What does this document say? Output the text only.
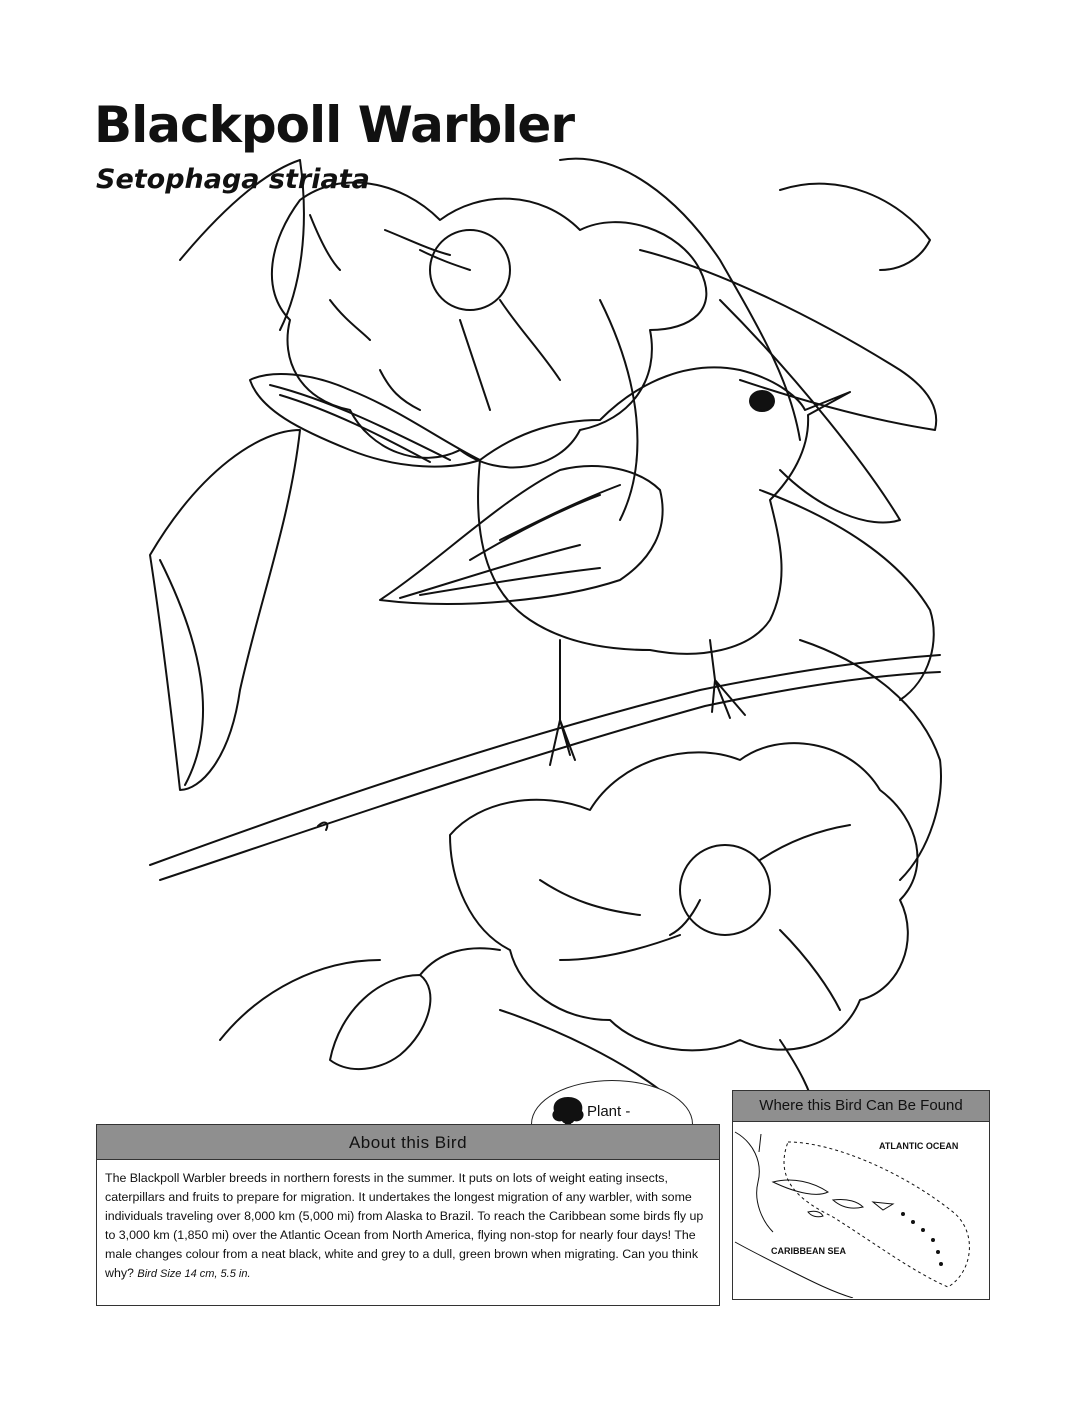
Blackpoll Warbler
Setophaga striata
Plant -
About this Bird
The Blackpoll Warbler breeds in northern forests in the summer. It puts on lots of weight eating insects, caterpillars and fruits to prepare for migration. It undertakes the longest migration of any warbler, with some individuals traveling over 8,000 km (5,000 mi) from Alaska to Brazil. To reach the Caribbean some birds fly up to 3,000 km (1,850 mi) over the Atlantic Ocean from North America, flying non-stop for nearly four days! The male changes colour from a neat black, white and grey to a dull, green brown when migrating. Can you think why? Bird Size 14 cm, 5.5 in.
Where this Bird Can Be Found
ATLANTIC OCEAN
CARIBBEAN SEA
